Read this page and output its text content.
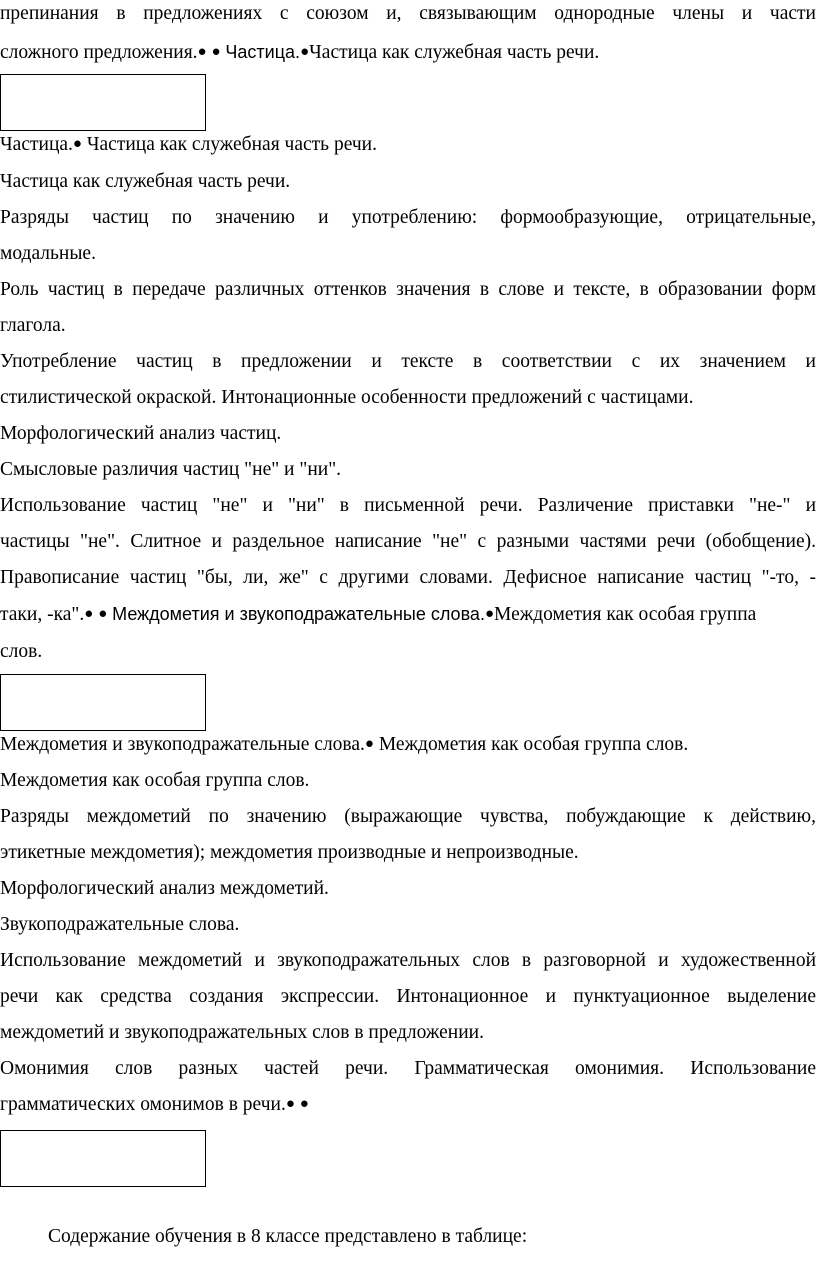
препинания в предложениях с союзом и, связывающим однородные члены и части
сложного предложения.● ● Частица.●Частица как служебная часть речи.
Частица.● Частица как служебная часть речи.
Частица как служебная часть речи.
Разряды частиц по значению и употреблению: формообразующие, отрицательные,
модальные.
Роль частиц в передаче различных оттенков значения в слове и тексте, в образовании форм
глагола.
Употребление частиц в предложении и тексте в соответствии с их значением и
стилистической окраской. Интонационные особенности предложений с частицами.
Морфологический анализ частиц.
Смысловые различия частиц "не" и "ни".
Использование частиц "не" и "ни" в письменной речи. Различение приставки "не-" и
частицы "не". Слитное и раздельное написание "не" с разными частями речи (обобщение).
Правописание частиц "бы, ли, же" с другими словами. Дефисное написание частиц "-то, -
таки, -ка".● ● Междометия и звукоподражательные слова.●Междометия как особая группа
слов.
Междометия и звукоподражательные слова.● Междометия как особая группа слов.
Междометия как особая группа слов.
Разряды междометий по значению (выражающие чувства, побуждающие к действию,
этикетные междометия); междометия производные и непроизводные.
Морфологический анализ междометий.
Звукоподражательные слова.
Использование междометий и звукоподражательных слов в разговорной и художественной
речи как средства создания экспрессии. Интонационное и пунктуационное выделение
междометий и звукоподражательных слов в предложении.
Омонимия слов разных частей речи. Грамматическая омонимия. Использование
грамматических омонимов в речи.● ●
Содержание обучения в 8 классе представлено в таблице:
